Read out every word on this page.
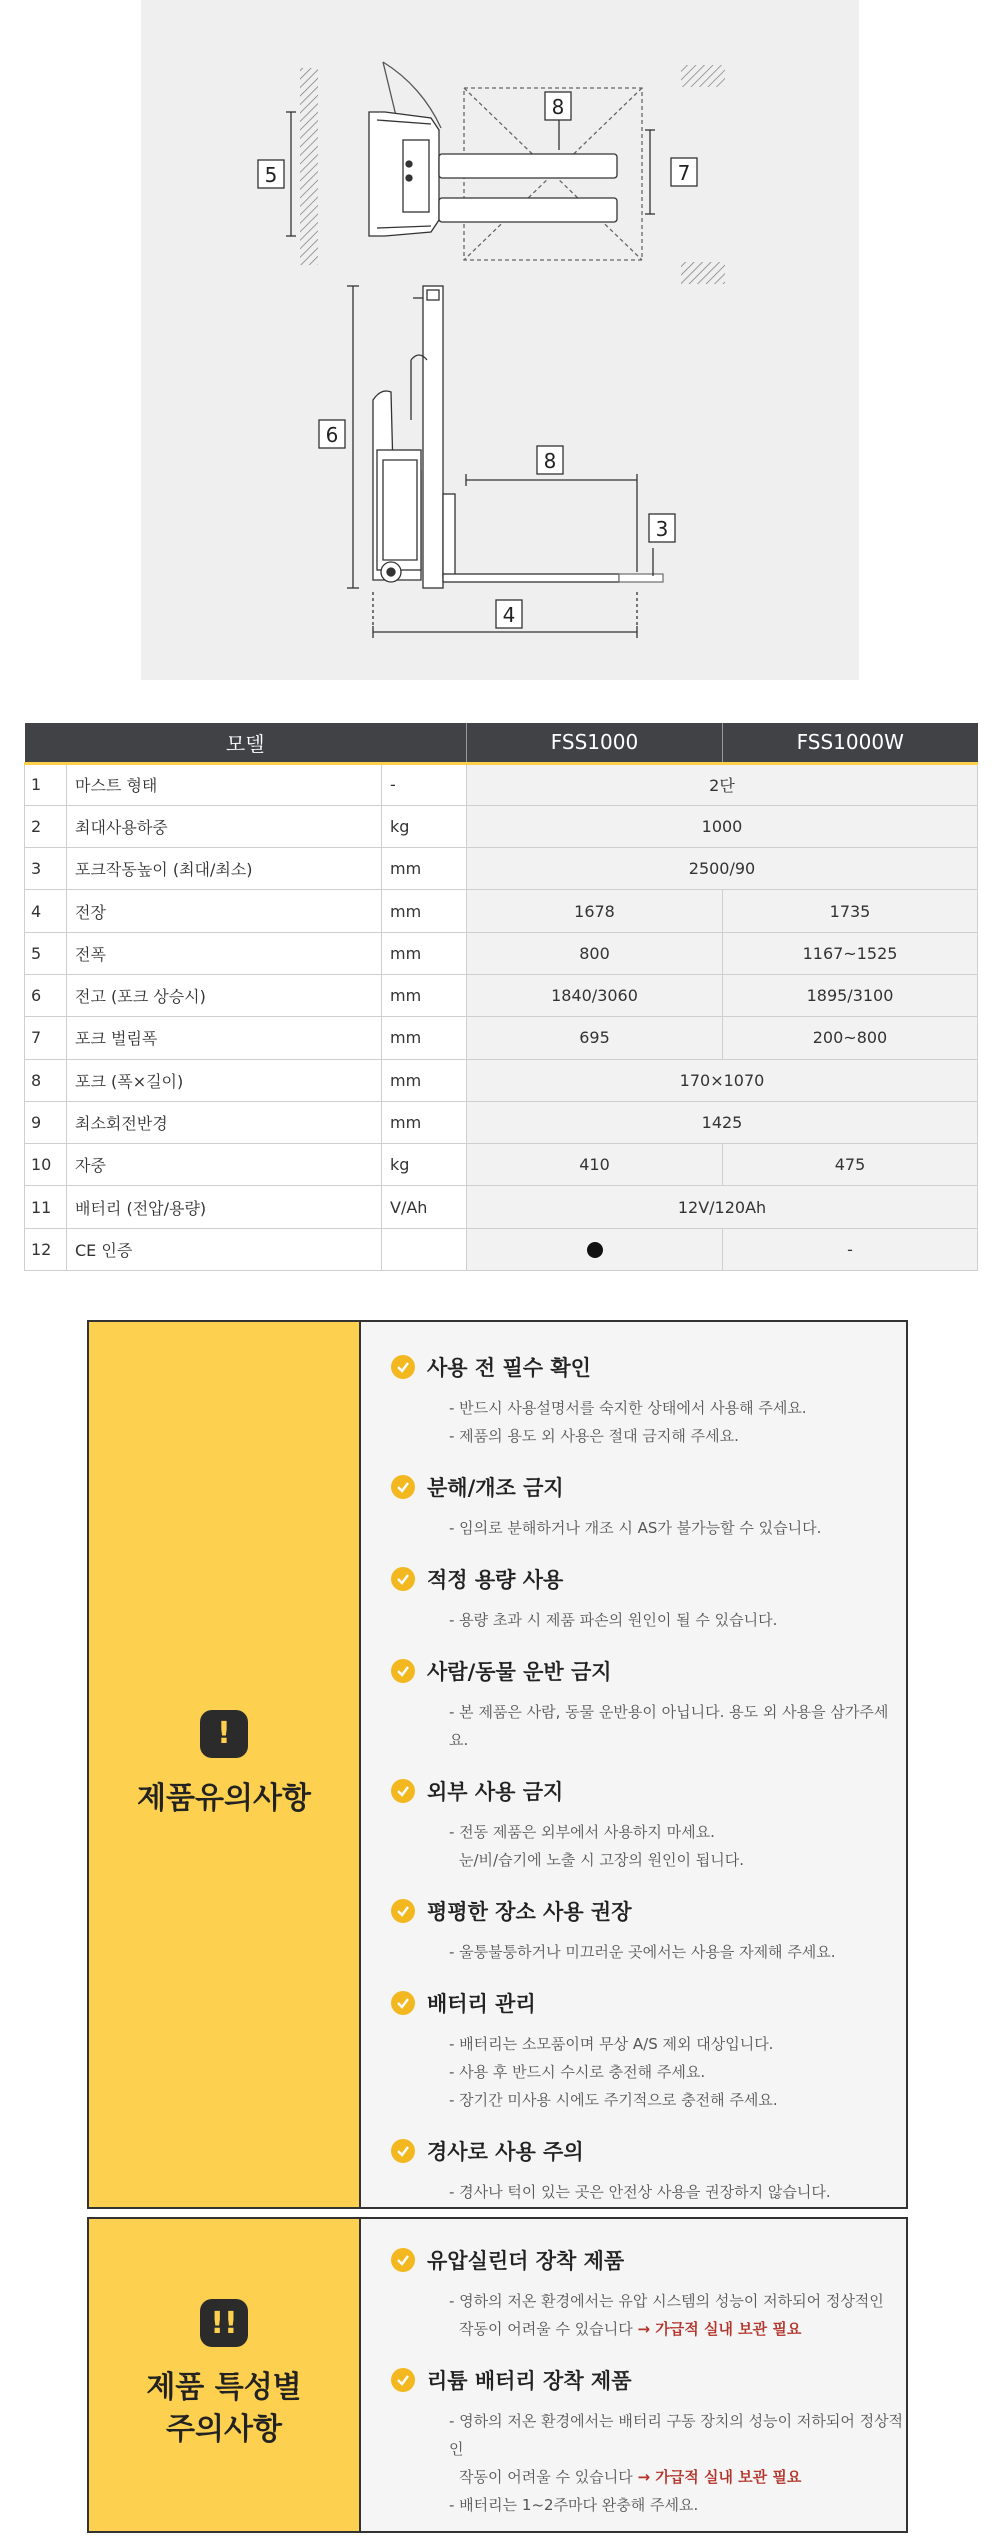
5
8
7
6
8
3
4
모델			FSS1000	FSS1000W
1	마스트 형태	-	2단	
2	최대사용하중	kg	1000	
3	포크작동높이 (최대/최소)	mm	2500/90	
4	전장	mm	1678	1735
5	전폭	mm	800	1167~1525
6	전고 (포크 상승시)	mm	1840/3060	1895/3100
7	포크 벌림폭	mm	695	200~800
8	포크 (폭×길이)	mm	170×1070	
9	최소회전반경	mm	1425	
10	자중	kg	410	475
11	배터리 (전압/용량)	V/Ah	12V/120Ah	
12	CE 인증			-
!
제품유의사항
사용 전 필수 확인

- 반드시 사용설명서를 숙지한 상태에서 사용해 주세요.

- 제품의 용도 외 사용은 절대 금지해 주세요.

분해/개조 금지

- 임의로 분해하거나 개조 시 AS가 불가능할 수 있습니다.

적정 용량 사용

- 용량 초과 시 제품 파손의 원인이 될 수 있습니다.

사람/동물 운반 금지

- 본 제품은 사람, 동물 운반용이 아닙니다. 용도 외 사용을 삼가주세요.

외부 사용 금지

- 전동 제품은 외부에서 사용하지 마세요.

눈/비/습기에 노출 시 고장의 원인이 됩니다.

평평한 장소 사용 권장

- 울퉁불퉁하거나 미끄러운 곳에서는 사용을 자제해 주세요.

배터리 관리

- 배터리는 소모품이며 무상 A/S 제외 대상입니다.

- 사용 후 반드시 수시로 충전해 주세요.

- 장기간 미사용 시에도 주기적으로 충전해 주세요.

경사로 사용 주의

- 경사나 턱이 있는 곳은 안전상 사용을 권장하지 않습니다.

!!
제품 특성별
주의사항
유압실린더 장착 제품

- 영하의 저온 환경에서는 유압 시스템의 성능이 저하되어 정상적인

작동이 어려울 수 있습니다 → 가급적 실내 보관 필요

리튬 배터리 장착 제품

- 영하의 저온 환경에서는 배터리 구동 장치의 성능이 저하되어 정상적인

작동이 어려울 수 있습니다 → 가급적 실내 보관 필요

- 배터리는 1~2주마다 완충해 주세요.
